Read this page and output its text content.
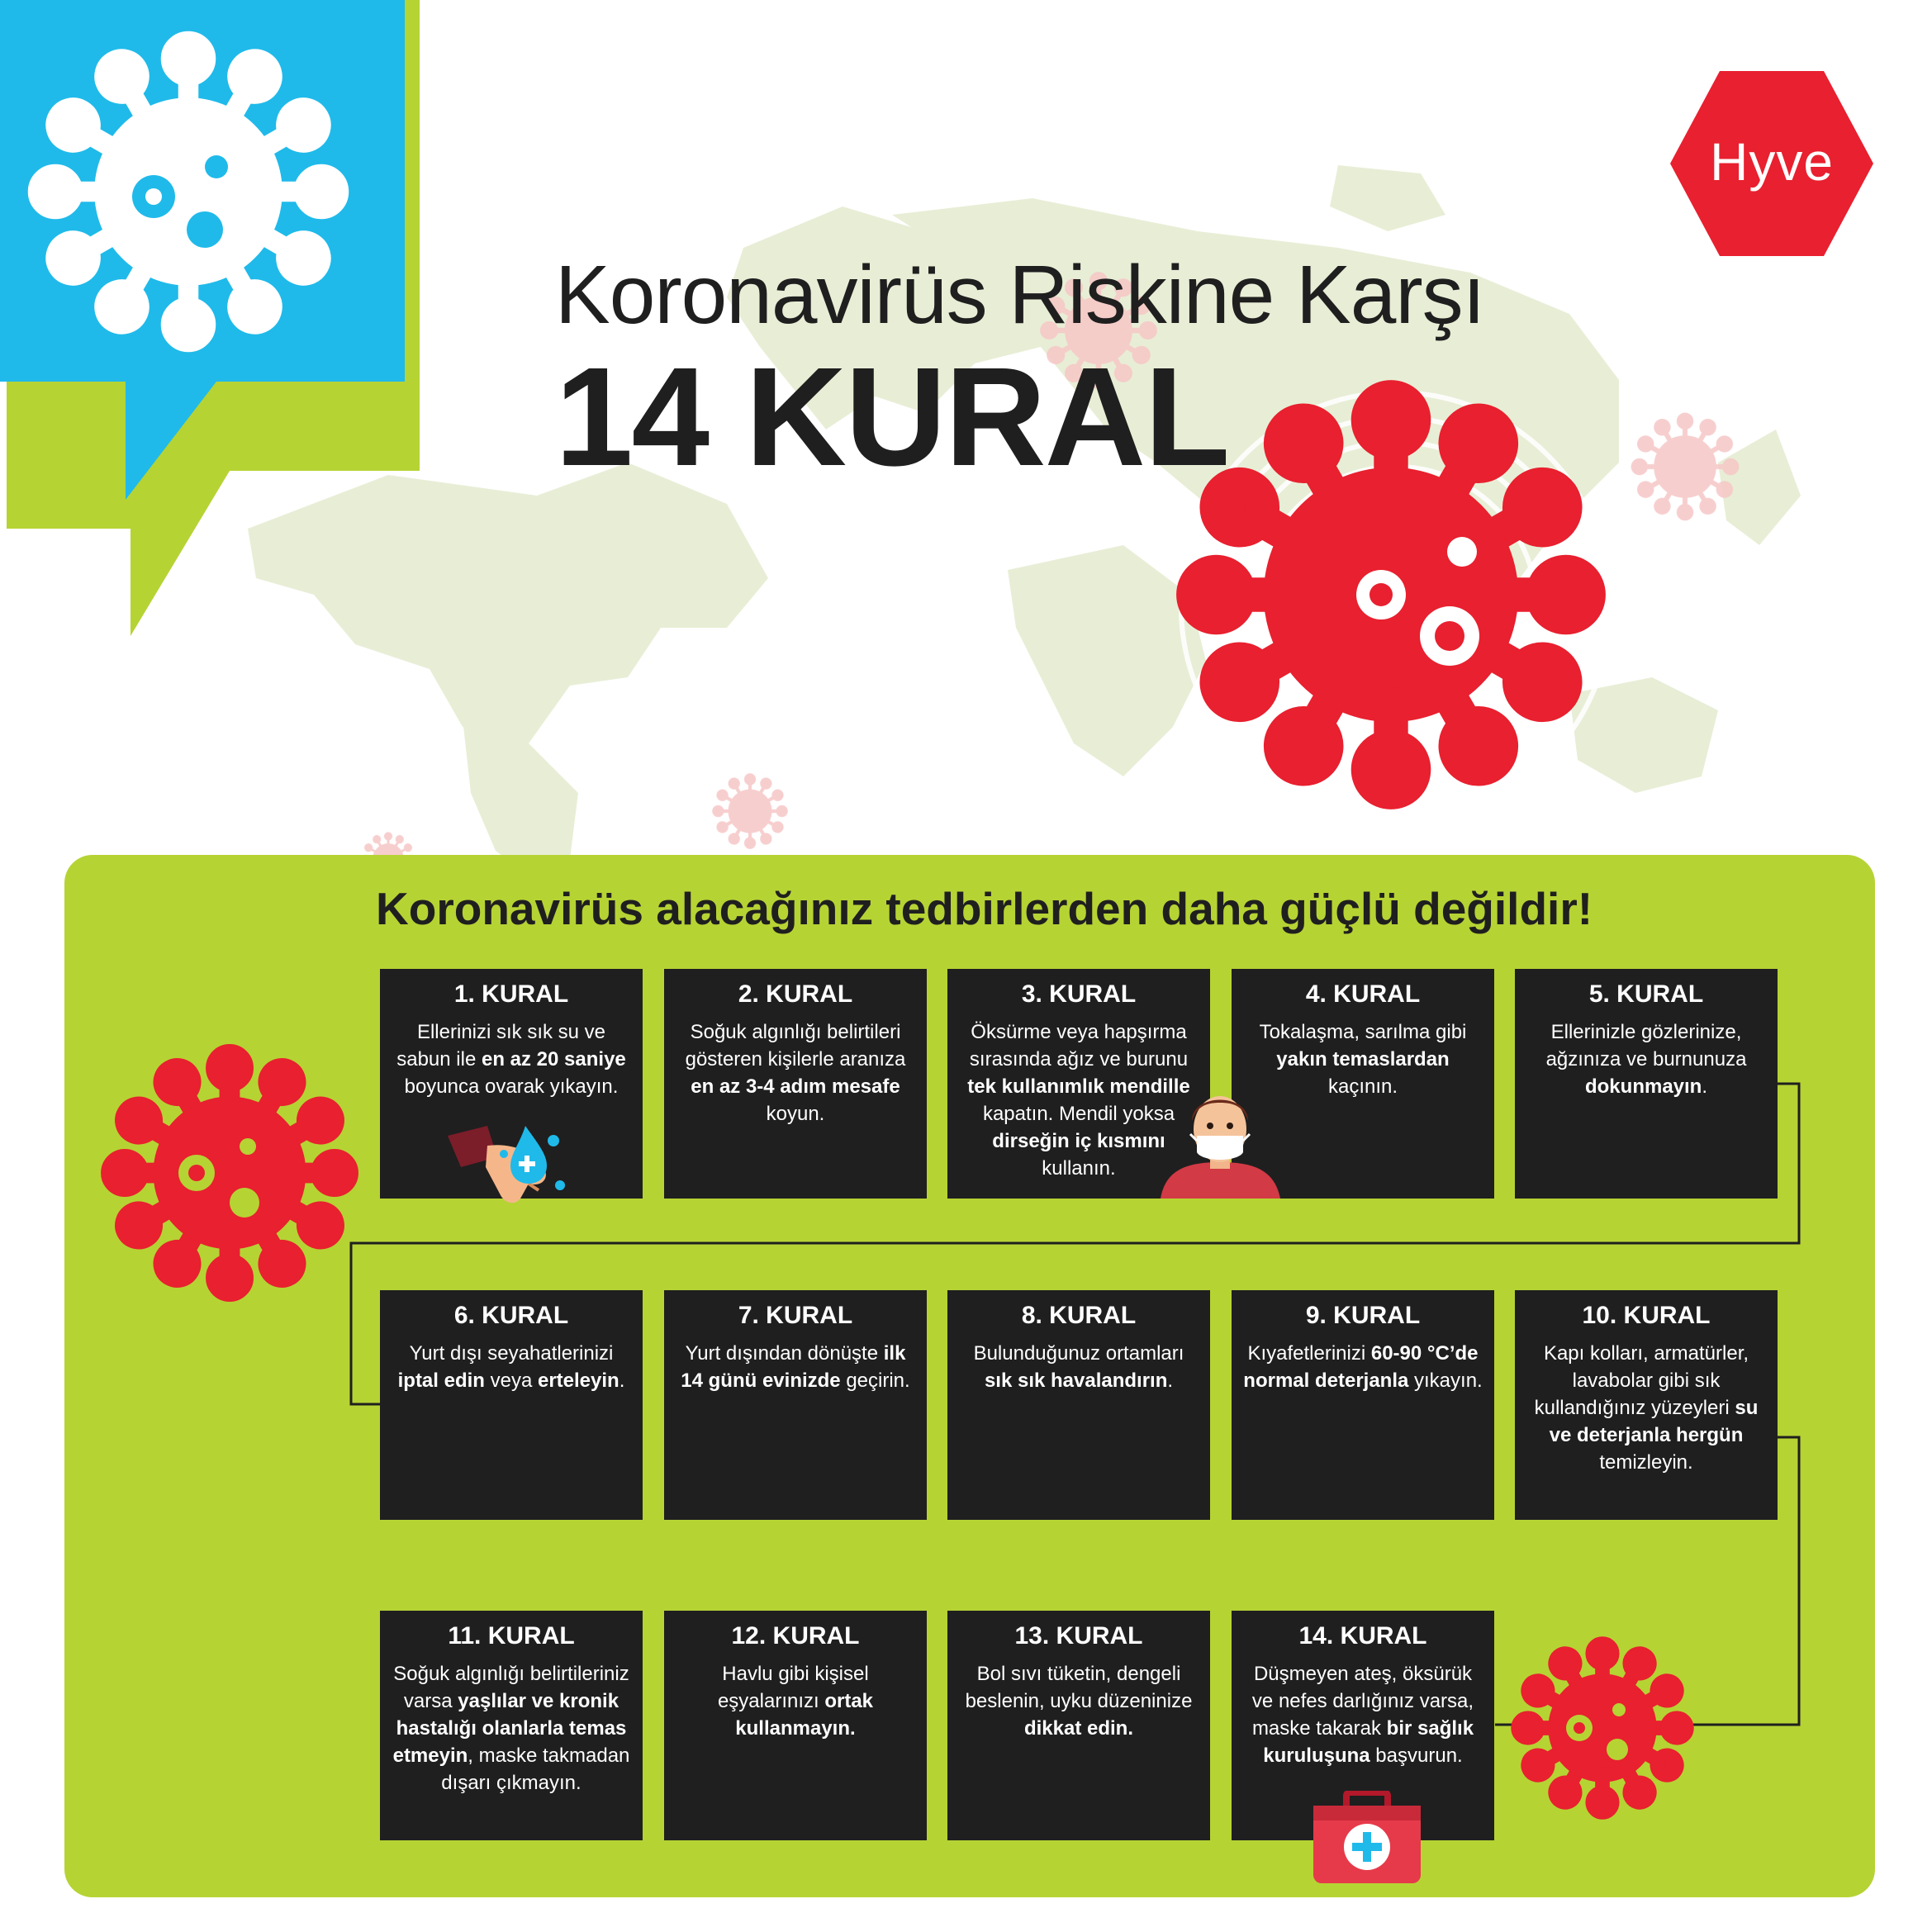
Hyve
Koronavirüs Riskine Karşı
14 KURAL
Koronavirüs alacağınız tedbirlerden daha güçlü değildir!
1. KURAL
Ellerinizi sık sık su ve sabun ile en az 20 saniye boyunca ovarak yıkayın.
2. KURAL
Soğuk algınlığı belirtileri gösteren kişilerle aranıza en az 3-4 adım mesafe koyun.
3. KURAL
Öksürme veya hapşırma sırasında ağız ve burunu tek kullanımlık mendille kapatın. Mendil yoksa dirseğin iç kısmını kullanın.
4. KURAL
Tokalaşma, sarılma gibi yakın temaslardan kaçının.
5. KURAL
Ellerinizle gözlerinize, ağzınıza ve burnunuza dokunmayın.
6. KURAL
Yurt dışı seyahatlerinizi iptal edin veya erteleyin.
7. KURAL
Yurt dışından dönüşte ilk 14 günü evinizde geçirin.
8. KURAL
Bulunduğunuz ortamları sık sık havalandırın.
9. KURAL
Kıyafetlerinizi 60-90 °C’de normal deterjanla yıkayın.
10. KURAL
Kapı kolları, armatürler, lavabolar gibi sık kullandığınız yüzeyleri su ve deterjanla hergün temizleyin.
11. KURAL
Soğuk algınlığı belirtileriniz varsa yaşlılar ve kronik hastalığı olanlarla temas etmeyin, maske takmadan dışarı çıkmayın.
12. KURAL
Havlu gibi kişisel eşyalarınızı ortak kullanmayın.
13. KURAL
Bol sıvı tüketin, dengeli beslenin, uyku düzeninize dikkat edin.
14. KURAL
Düşmeyen ateş, öksürük ve nefes darlığınız varsa, maske takarak bir sağlık kuruluşuna başvurun.
